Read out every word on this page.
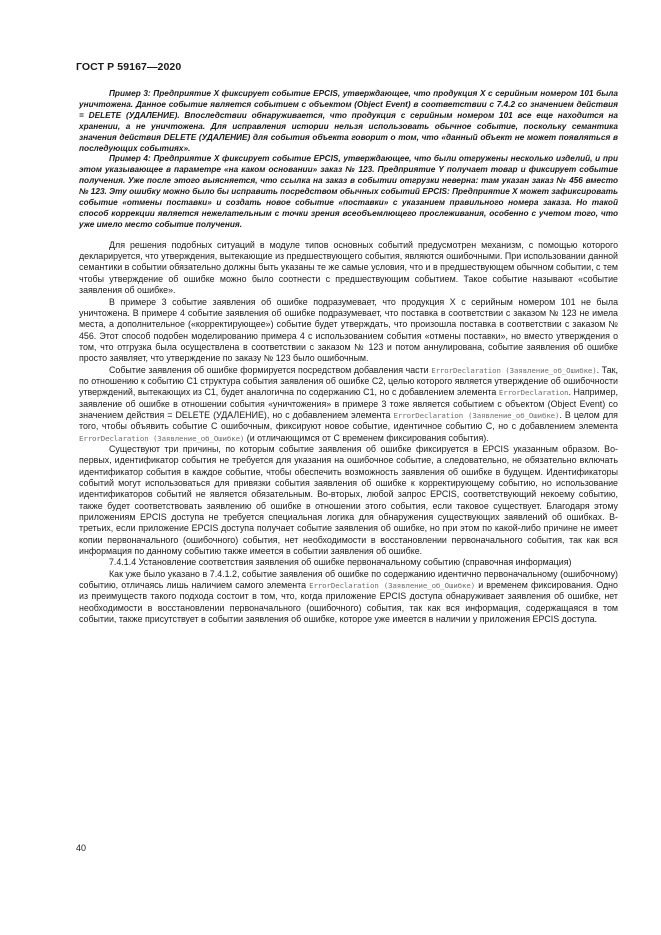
ГОСТ Р 59167—2020

Пример 3: Предприятие X фиксирует событие EPCIS, утверждающее, что продукция X с серийным номером 101 была уничтожена. Данное событие является событием с объектом (Object Event) в соответствии с 7.4.2 со значением действия = DELETE (УДАЛЕНИЕ). Впоследствии обнаруживается, что продукция с серийным номером 101 все еще находится на хранении, а не уничтожена. Для исправления истории нельзя использовать обычное событие, поскольку семантика значения действия DELETE (УДАЛЕНИЕ) для события объекта говорит о том, что «данный объект не может появляться в последующих событиях».

Пример 4: Предприятие X фиксирует событие EPCIS, утверждающее, что были отгружены несколько изделий, и при этом указывающее в параметре «на каком основании» заказ № 123. Предприятие Y получает товар и фиксирует событие получения. Уже после этого выясняется, что ссылка на заказ в событии отгрузки неверна: там указан заказ № 456 вместо № 123. Эту ошибку можно было бы исправить посредством обычных событий EPCIS: Предприятие X может зафиксировать событие «отмены поставки» и создать новое событие «поставки» с указанием правильного номера заказа. Но такой способ коррекции является нежелательным с точки зрения всеобъемлющего прослеживания, особенно с учетом того, что уже имело место событие получения.

Для решения подобных ситуаций в модуле типов основных событий предусмотрен механизм, с помощью которого декларируется, что утверждения, вытекающие из предшествующего события, являются ошибочными. При использовании данной семантики в событии обязательно должны быть указаны те же самые условия, что и в предшествующем обычном событии, с тем чтобы утверждение об ошибке можно было соотнести с предшествующим событием. Такое событие называют «событие заявления об ошибке».

В примере 3 событие заявления об ошибке подразумевает, что продукция X с серийным номером 101 не была уничтожена. В примере 4 событие заявления об ошибке подразумевает, что поставка в соответствии с заказом № 123 не имела места, а дополнительное («корректирующее») событие будет утверждать, что произошла поставка в соответствии с заказом № 456. Этот способ подобен моделированию примера 4 с использованием события «отмены поставки», но вместо утверждения о том, что отгрузка была осуществлена в соответствии с заказом № 123 и потом аннулирована, событие заявления об ошибке просто заявляет, что утверждение по заказу № 123 было ошибочным.

Событие заявления об ошибке формируется посредством добавления части ErrorDeclaration (Заявление_об_Ошибке). Так, по отношению к событию C1 структура события заявления об ошибке C2, целью которого является утверждение об ошибочности утверждений, вытекающих из C1, будет аналогична по содержанию C1, но с добавлением элемента ErrorDeclaration. Например, заявление об ошибке в отношении события «уничтожения» в примере 3 тоже является событием с объектом (Object Event) со значением действия = DELETE (УДАЛЕНИЕ), но с добавлением элемента ErrorDeclaration (Заявление_об_Ошибке). В целом для того, чтобы объявить событие C ошибочным, фиксируют новое событие, идентичное событию C, но с добавлением элемента ErrorDeclaration (Заявление_об_Ошибке) (и отличающимся от C временем фиксирования события).

Существуют три причины, по которым событие заявления об ошибке фиксируется в EPCIS указанным образом. Во-первых, идентификатор события не требуется для указания на ошибочное событие, а следовательно, не обязательно включать идентификатор события в каждое событие, чтобы обеспечить возможность заявления об ошибке в будущем. Идентификаторы событий могут использоваться для привязки события заявления об ошибке к корректирующему событию, но использование идентификаторов событий не является обязательным. Во-вторых, любой запрос EPCIS, соответствующий некоему событию, также будет соответствовать заявлению об ошибке в отношении этого события, если таковое существует. Благодаря этому приложениям EPCIS доступа не требуется специальная логика для обнаружения существующих заявлений об ошибках. В-третьих, если приложение EPCIS доступа получает событие заявления об ошибке, но при этом по какой-либо причине не имеет копии первоначального (ошибочного) события, нет необходимости в восстановлении первоначального события, так как вся информация по данному событию также имеется в событии заявления об ошибке.

7.4.1.4 Установление соответствия заявления об ошибке первоначальному событию (справочная информация)

Как уже было указано в 7.4.1.2, событие заявления об ошибке по содержанию идентично первоначальному (ошибочному) событию, отличаясь лишь наличием самого элемента ErrorDeclaration (Заявление_об_Ошибке) и временем фиксирования. Одно из преимуществ такого подхода состоит в том, что, когда приложение EPCIS доступа обнаруживает заявления об ошибке, нет необходимости в восстановлении первоначального (ошибочного) события, так как вся информация, содержащаяся в том событии, также присутствует в событии заявления об ошибке, которое уже имеется в наличии у приложения EPCIS доступа.

40
